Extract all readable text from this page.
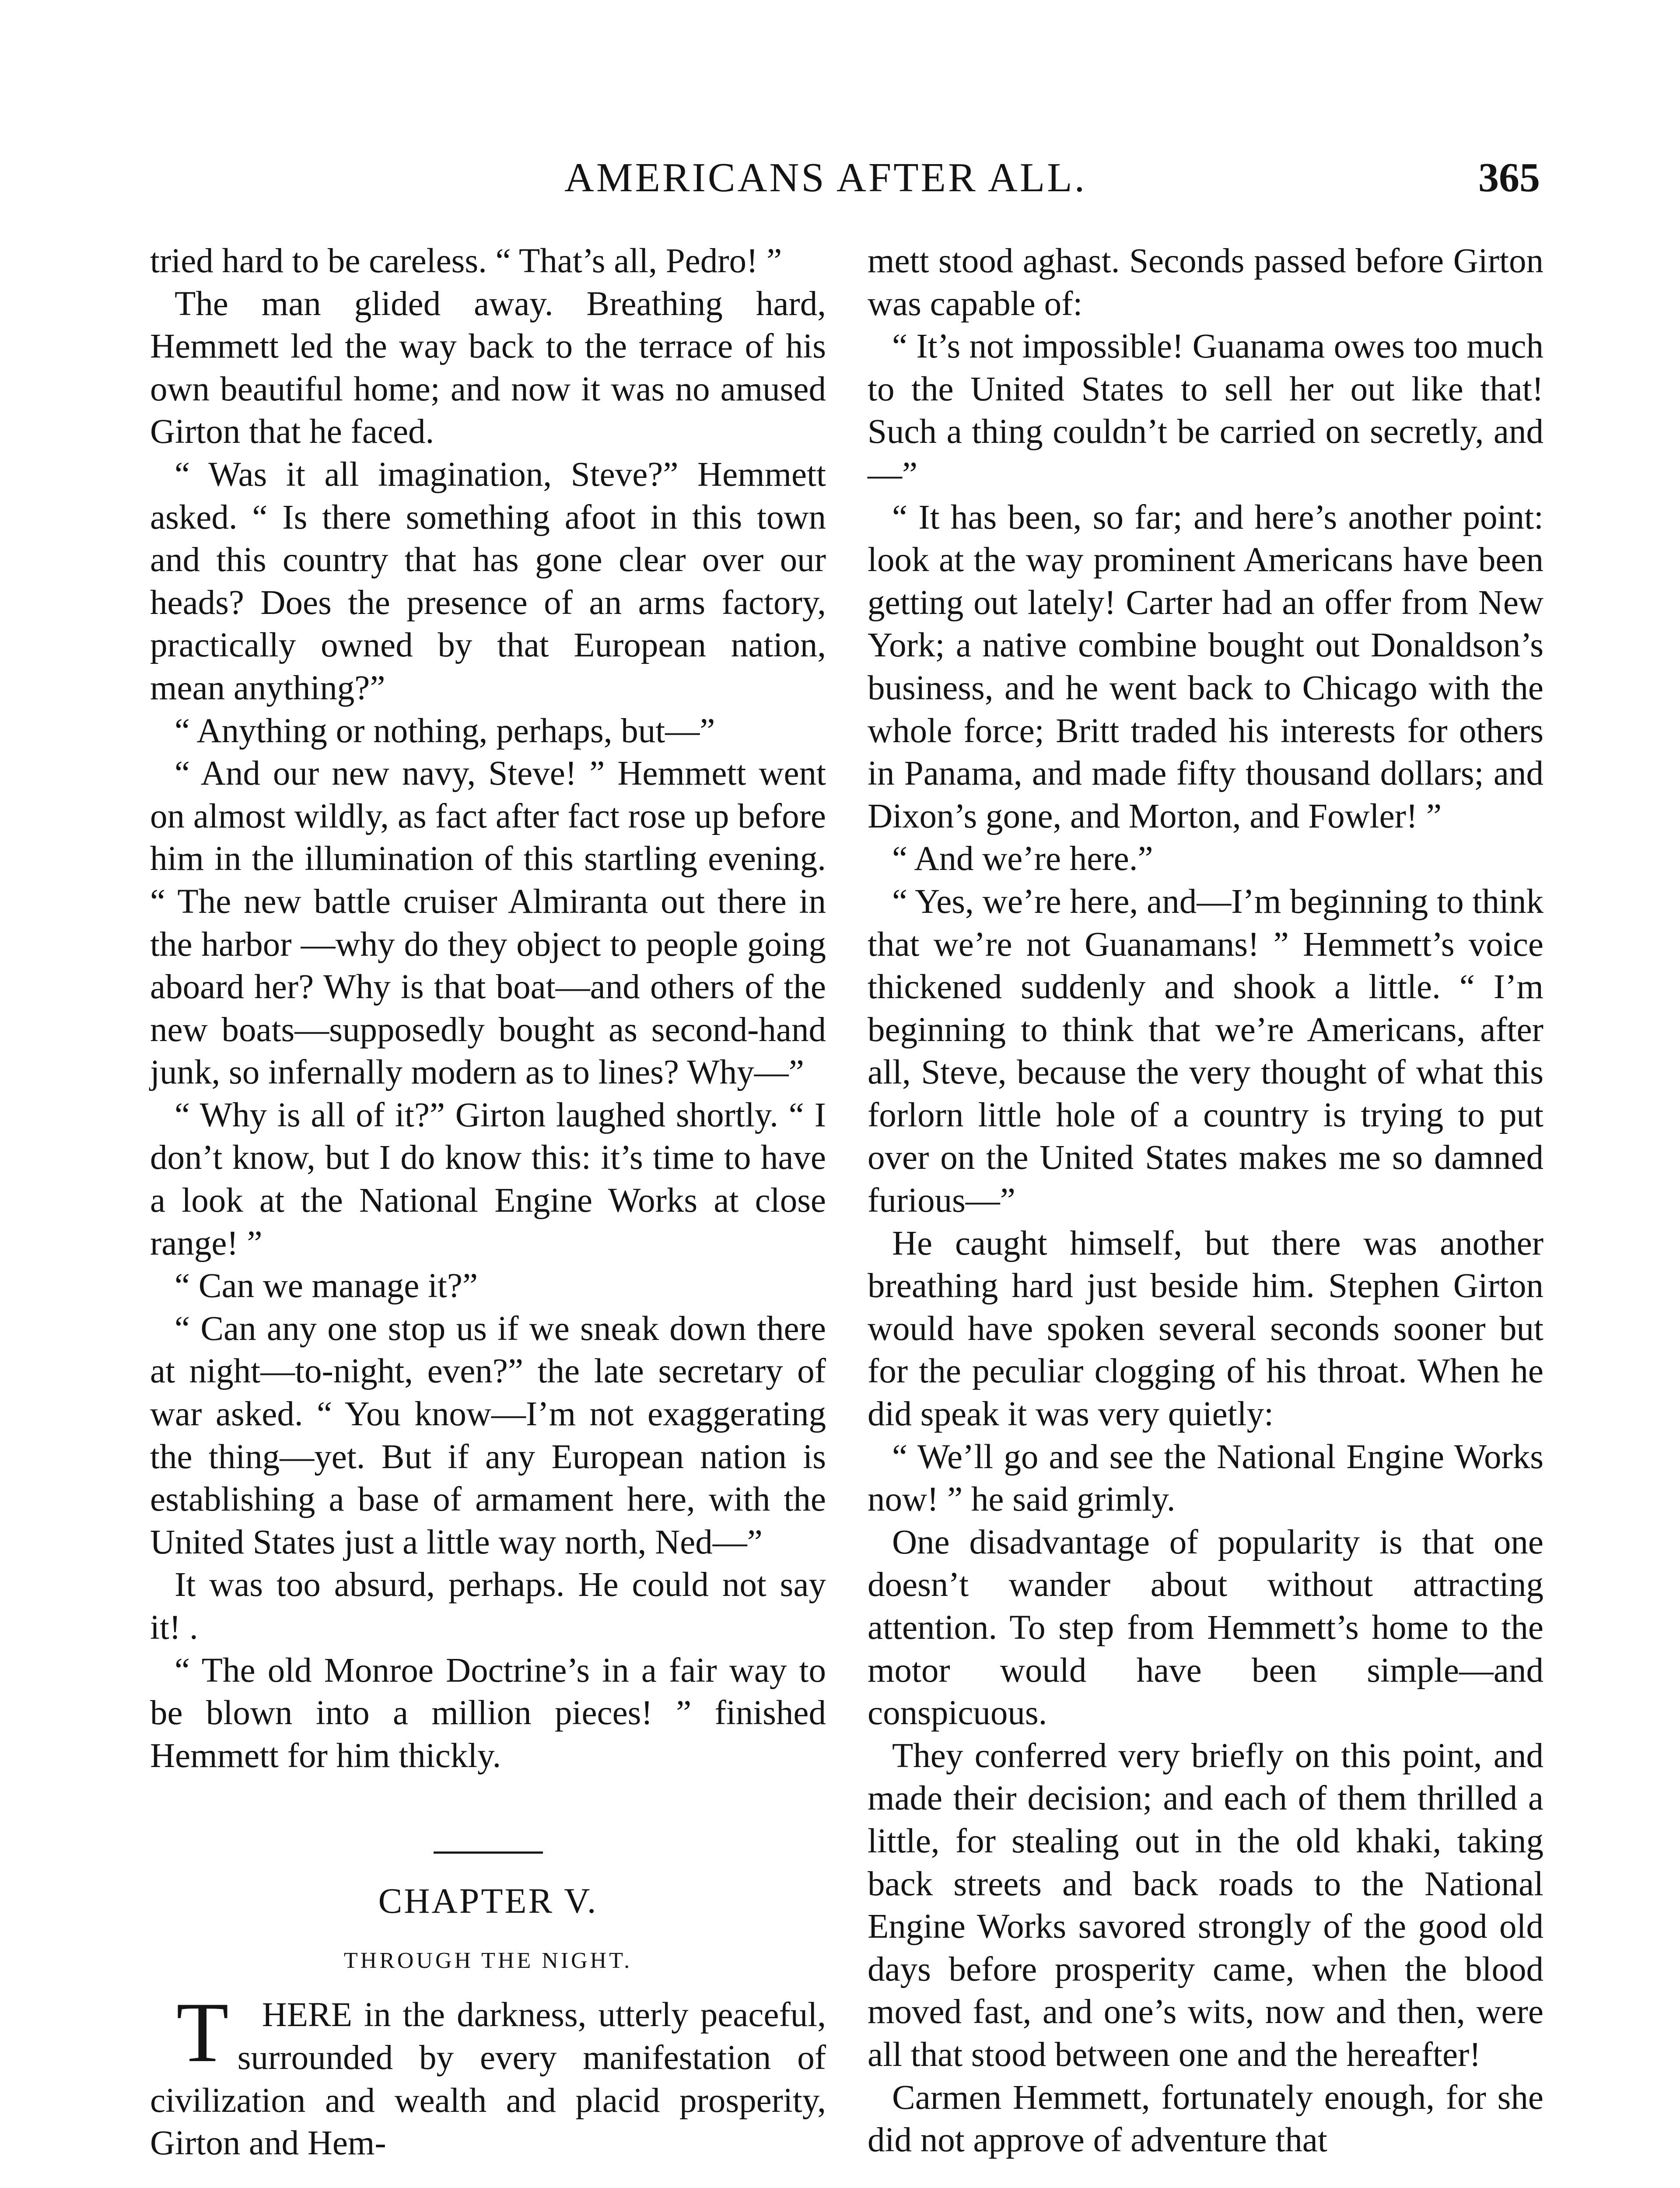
AMERICANS AFTER ALL.	365

tried hard to be careless. “ That’s all, Pedro! ”

The man glided away. Breathing hard, Hemmett led the way back to the terrace of his own beautiful home; and now it was no amused Girton that he faced.

“ Was it all imagination, Steve?” Hemmett asked. “ Is there something afoot in this town and this country that has gone clear over our heads? Does the presence of an arms factory, practically owned by that European nation, mean anything?”

“ Anything or nothing, perhaps, but—”

“ And our new navy, Steve! ” Hemmett went on almost wildly, as fact after fact rose up before him in the illumination of this startling evening. “ The new battle cruiser Almiranta out there in the harbor —why do they object to people going aboard her? Why is that boat—and others of the new boats—supposedly bought as second-hand junk, so infernally modern as to lines? Why—”

“ Why is all of it?” Girton laughed shortly. “ I don’t know, but I do know this: it’s time to have a look at the National Engine Works at close range! ”

“ Can we manage it?”

“ Can any one stop us if we sneak down there at night—to-night, even?” the late secretary of war asked. “ You know—I’m not exaggerating the thing—yet. But if any European nation is establishing a base of armament here, with the United States just a little way north, Ned—”

It was too absurd, perhaps. He could not say it! .

“ The old Monroe Doctrine’s in a fair way to be blown into a million pieces! ” finished Hemmett for him thickly.

CHAPTER V.
THROUGH THE NIGHT.

T HERE in the darkness, utterly peaceful, surrounded by every manifestation of civilization and wealth and placid prosperity, Girton and Hem-

mett stood aghast. Seconds passed before Girton was capable of:

“ It’s not impossible! Guanama owes too much to the United States to sell her out like that! Such a thing couldn’t be carried on secretly, and—”

“ It has been, so far; and here’s another point: look at the way prominent Americans have been getting out lately! Carter had an offer from New York; a native combine bought out Donaldson’s business, and he went back to Chicago with the whole force; Britt traded his interests for others in Panama, and made fifty thousand dollars; and Dixon’s gone, and Morton, and Fowler! ”

“ And we’re here.”

“ Yes, we’re here, and—I’m beginning to think that we’re not Guanamans! ” Hemmett’s voice thickened suddenly and shook a little. “ I’m beginning to think that we’re Americans, after all, Steve, because the very thought of what this forlorn little hole of a country is trying to put over on the United States makes me so damned furious—”

He caught himself, but there was another breathing hard just beside him. Stephen Girton would have spoken several seconds sooner but for the peculiar clogging of his throat. When he did speak it was very quietly:

“ We’ll go and see the National Engine Works now! ” he said grimly.

One disadvantage of popularity is that one doesn’t wander about without attracting attention. To step from Hemmett’s home to the motor would have been simple—and conspicuous.

They conferred very briefly on this point, and made their decision; and each of them thrilled a little, for stealing out in the old khaki, taking back streets and back roads to the National Engine Works savored strongly of the good old days before prosperity came, when the blood moved fast, and one’s wits, now and then, were all that stood between one and the hereafter!

Carmen Hemmett, fortunately enough, for she did not approve of adventure that
